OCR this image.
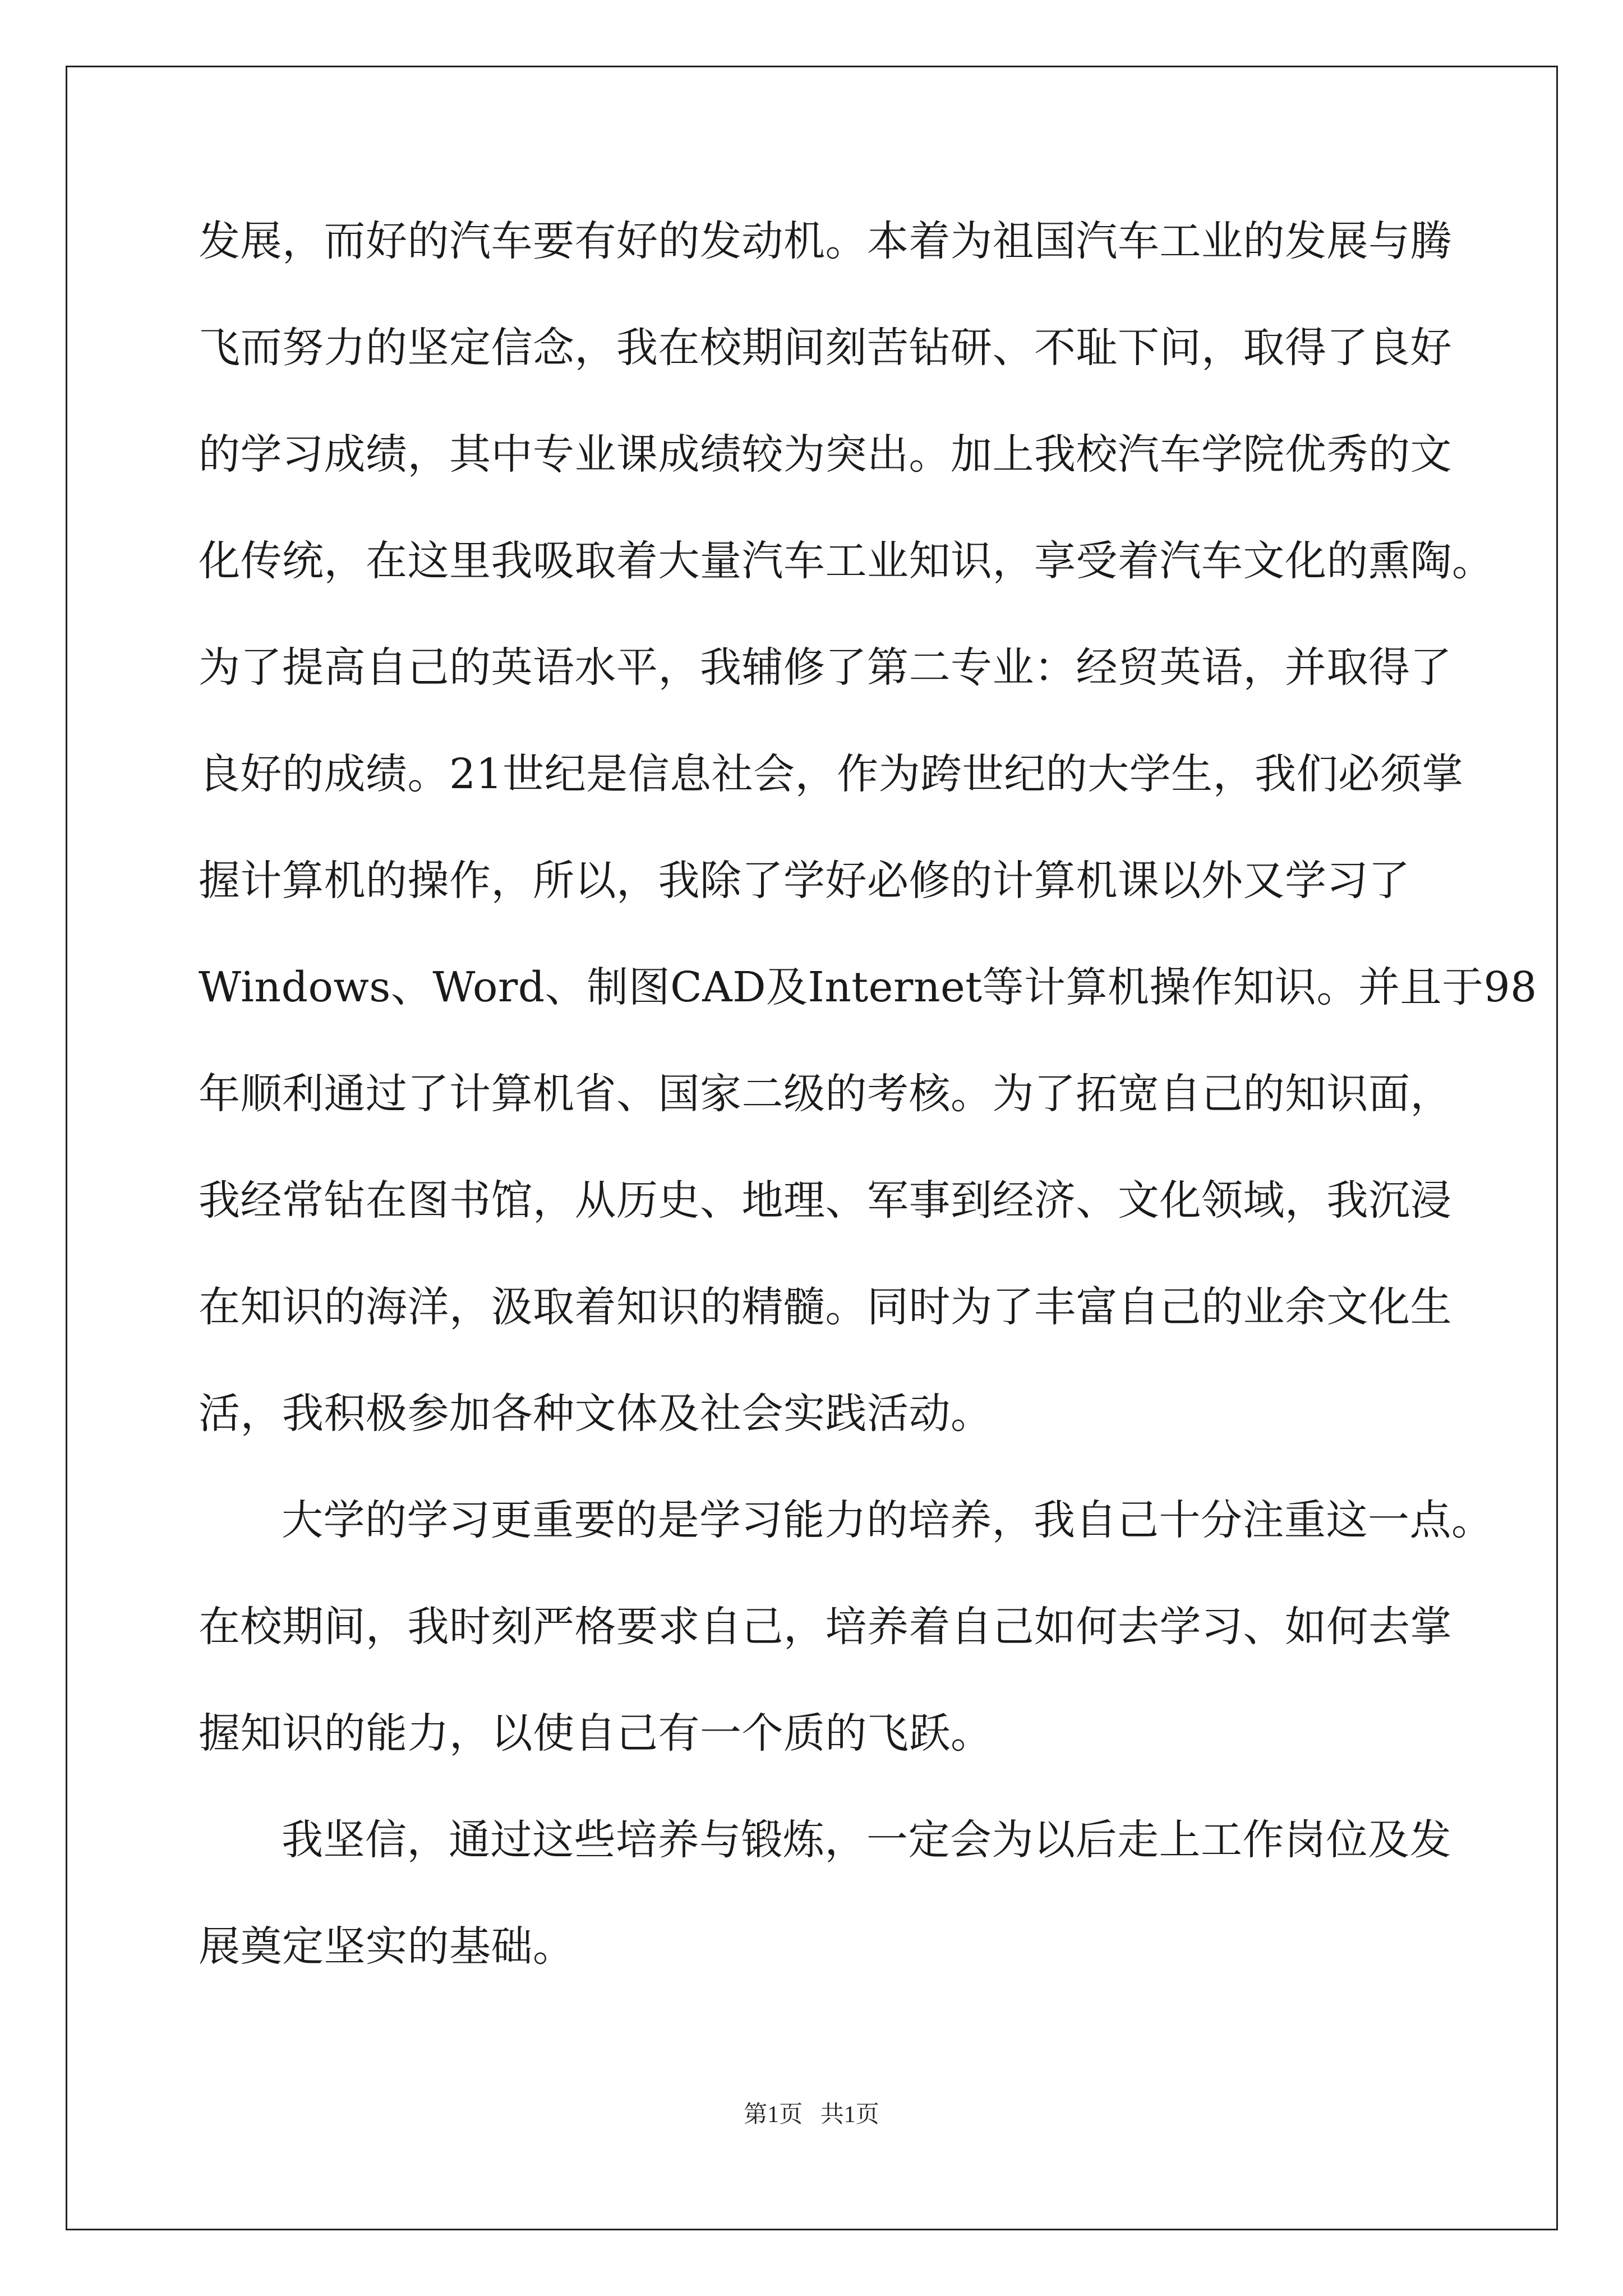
发展，而好的汽车要有好的发动机。本着为祖国汽车工业的发展与腾
飞而努力的坚定信念，我在校期间刻苦钻研、不耻下问，取得了良好
的学习成绩，其中专业课成绩较为突出。加上我校汽车学院优秀的文
化传统，在这里我吸取着大量汽车工业知识，享受着汽车文化的熏陶。
为了提高自己的英语水平，我辅修了第二专业：经贸英语，并取得了
良好的成绩。21世纪是信息社会，作为跨世纪的大学生，我们必须掌
握计算机的操作，所以，我除了学好必修的计算机课以外又学习了
Windows、Word、制图CAD及Internet等计算机操作知识。并且于98
年顺利通过了计算机省、国家二级的考核。为了拓宽自己的知识面，
我经常钻在图书馆，从历史、地理、军事到经济、文化领域，我沉浸
在知识的海洋，汲取着知识的精髓。同时为了丰富自己的业余文化生
活，我积极参加各种文体及社会实践活动。
大学的学习更重要的是学习能力的培养，我自己十分注重这一点。
在校期间，我时刻严格要求自己，培养着自己如何去学习、如何去掌
握知识的能力，以使自己有一个质的飞跃。
我坚信，通过这些培养与锻炼，一定会为以后走上工作岗位及发
展奠定坚实的基础。
第1页   共1页
